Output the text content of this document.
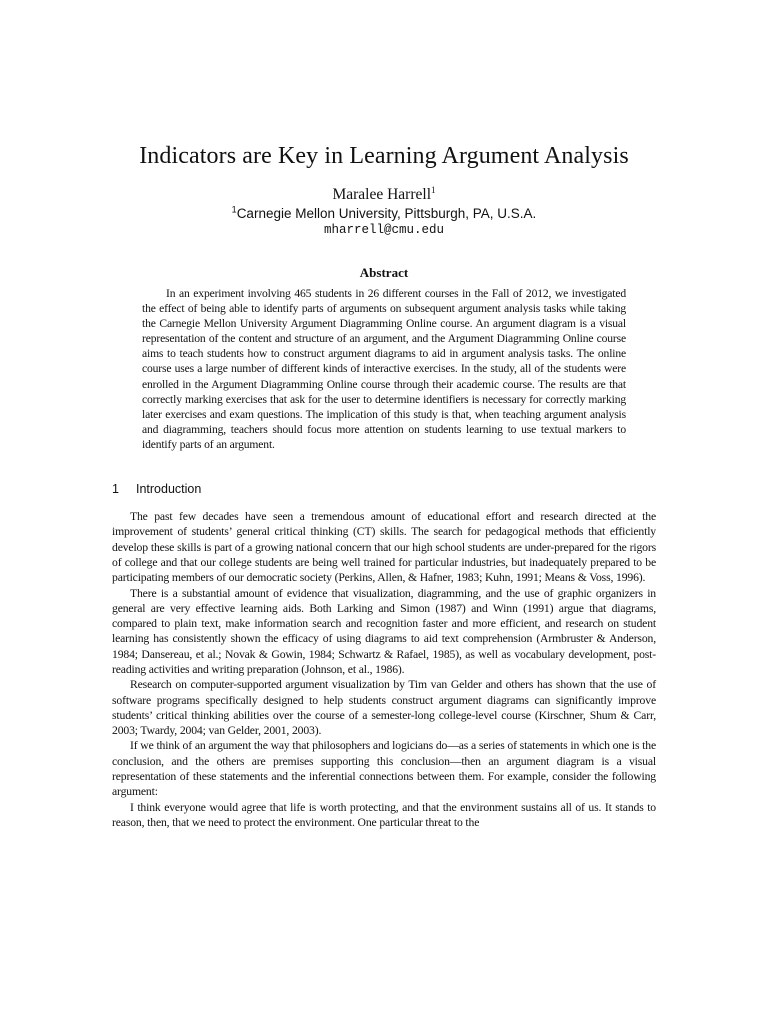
Indicators are Key in Learning Argument Analysis
Maralee Harrell$^1$
$^1$Carnegie Mellon University, Pittsburgh, PA, U.S.A.
mharrell@cmu.edu
Abstract

In an experiment involving 465 students in 26 different courses in the Fall of 2012, we investigated the effect of being able to identify parts of arguments on subsequent argument analysis tasks while taking the Carnegie Mellon University Argument Diagramming Online course. An argument diagram is a visual representation of the content and structure of an argument, and the Argument Diagramming Online course aims to teach students how to construct argument diagrams to aid in argument analysis tasks. The online course uses a large number of different kinds of interactive exercises. In the study, all of the students were enrolled in the Argument Diagramming Online course through their academic course. The results are that correctly marking exercises that ask for the user to determine identifiers is necessary for correctly marking later exercises and exam questions. The implication of this study is that, when teaching argument analysis and diagramming, teachers should focus more attention on students learning to use textual markers to identify parts of an argument.

1 Introduction

The past few decades have seen a tremendous amount of educational effort and research directed at the improvement of students’ general critical thinking (CT) skills. The search for pedagogical methods that efficiently develop these skills is part of a growing national concern that our high school students are under-prepared for the rigors of college and that our college students are being well trained for particular industries, but inadequately prepared to be participating members of our democratic society (Perkins, Allen, & Hafner, 1983; Kuhn, 1991; Means & Voss, 1996).

There is a substantial amount of evidence that visualization, diagramming, and the use of graphic organizers in general are very effective learning aids. Both Larking and Simon (1987) and Winn (1991) argue that diagrams, compared to plain text, make information search and recognition faster and more efficient, and research on student learning has consistently shown the efficacy of using diagrams to aid text comprehension (Armbruster & Anderson, 1984; Dansereau, et al.; Novak & Gowin, 1984; Schwartz & Rafael, 1985), as well as vocabulary development, post-reading activities and writing preparation (Johnson, et al., 1986).

Research on computer-supported argument visualization by Tim van Gelder and others has shown that the use of software programs specifically designed to help students construct argument diagrams can significantly improve students’ critical thinking abilities over the course of a semester-long college-level course (Kirschner, Shum & Carr, 2003; Twardy, 2004; van Gelder, 2001, 2003).

If we think of an argument the way that philosophers and logicians do—as a series of statements in which one is the conclusion, and the others are premises supporting this conclusion—then an argument diagram is a visual representation of these statements and the inferential connections between them. For example, consider the following argument:

I think everyone would agree that life is worth protecting, and that the environment sustains all of us. It stands to reason, then, that we need to protect the environment. One particular threat to the
